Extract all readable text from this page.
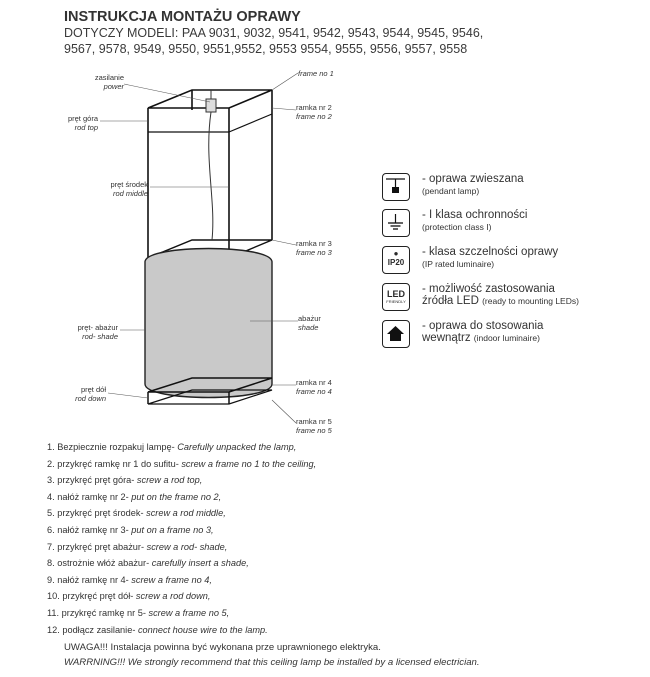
INSTRUKCJA MONTAŻU OPRAWY

DOTYCZY MODELI: PAA 9031, 9032, 9541, 9542, 9543, 9544, 9545, 9546,

9567, 9578, 9549, 9550, 9551,9552, 9553 9554, 9555, 9556, 9557, 9558

zasilanie
power
frame no 1
pręt góra
rod top
ramka nr 2
frame no 2
pręt środek
rod middle
ramka nr 3
frame no 3
abażur
shade
pręt- abażur
rod- shade
ramka nr 4
frame no 4
pręt dół
rod down
ramka nr 5
frame no 5
- oprawa zwieszana
(pendant lamp)
- I klasa ochronności
(protection class I)
●
IP20
- klasa szczelności oprawy
(IP rated luminaire)
LED
FRIENDLY
- możliwość zastosowania
źródła LED (ready to mounting LEDs)
- oprawa do stosowania
wewnątrz (indoor luminaire)
1. Bezpiecznie rozpakuj lampę- Carefully unpacked the lamp,
2. przykręć ramkę nr 1 do sufitu- screw a frame no 1 to the ceiling,
3. przykręć pręt góra- screw a rod top,
4. nałóż ramkę nr 2- put on the frame no 2,
5. przykręć pręt środek- screw a rod middle,
6. nałóż ramkę nr 3- put on a frame no 3,
7. przykręć pręt abażur- screw a rod- shade,
8. ostrożnie włóż abażur- carefully insert a shade,
9. nałóż ramkę nr 4- screw a frame no 4,
10. przykręć pręt dół- screw a rod down,
11. przykręć ramkę nr 5- screw a frame no 5,
12. podłącz zasilanie- connect house wire to the lamp.

UWAGA!!! Instalacja powinna być wykonana prze uprawnionego elektryka.

WARRNING!!! We strongly recommend that this ceiling lamp be installed by a licensed electrician.
